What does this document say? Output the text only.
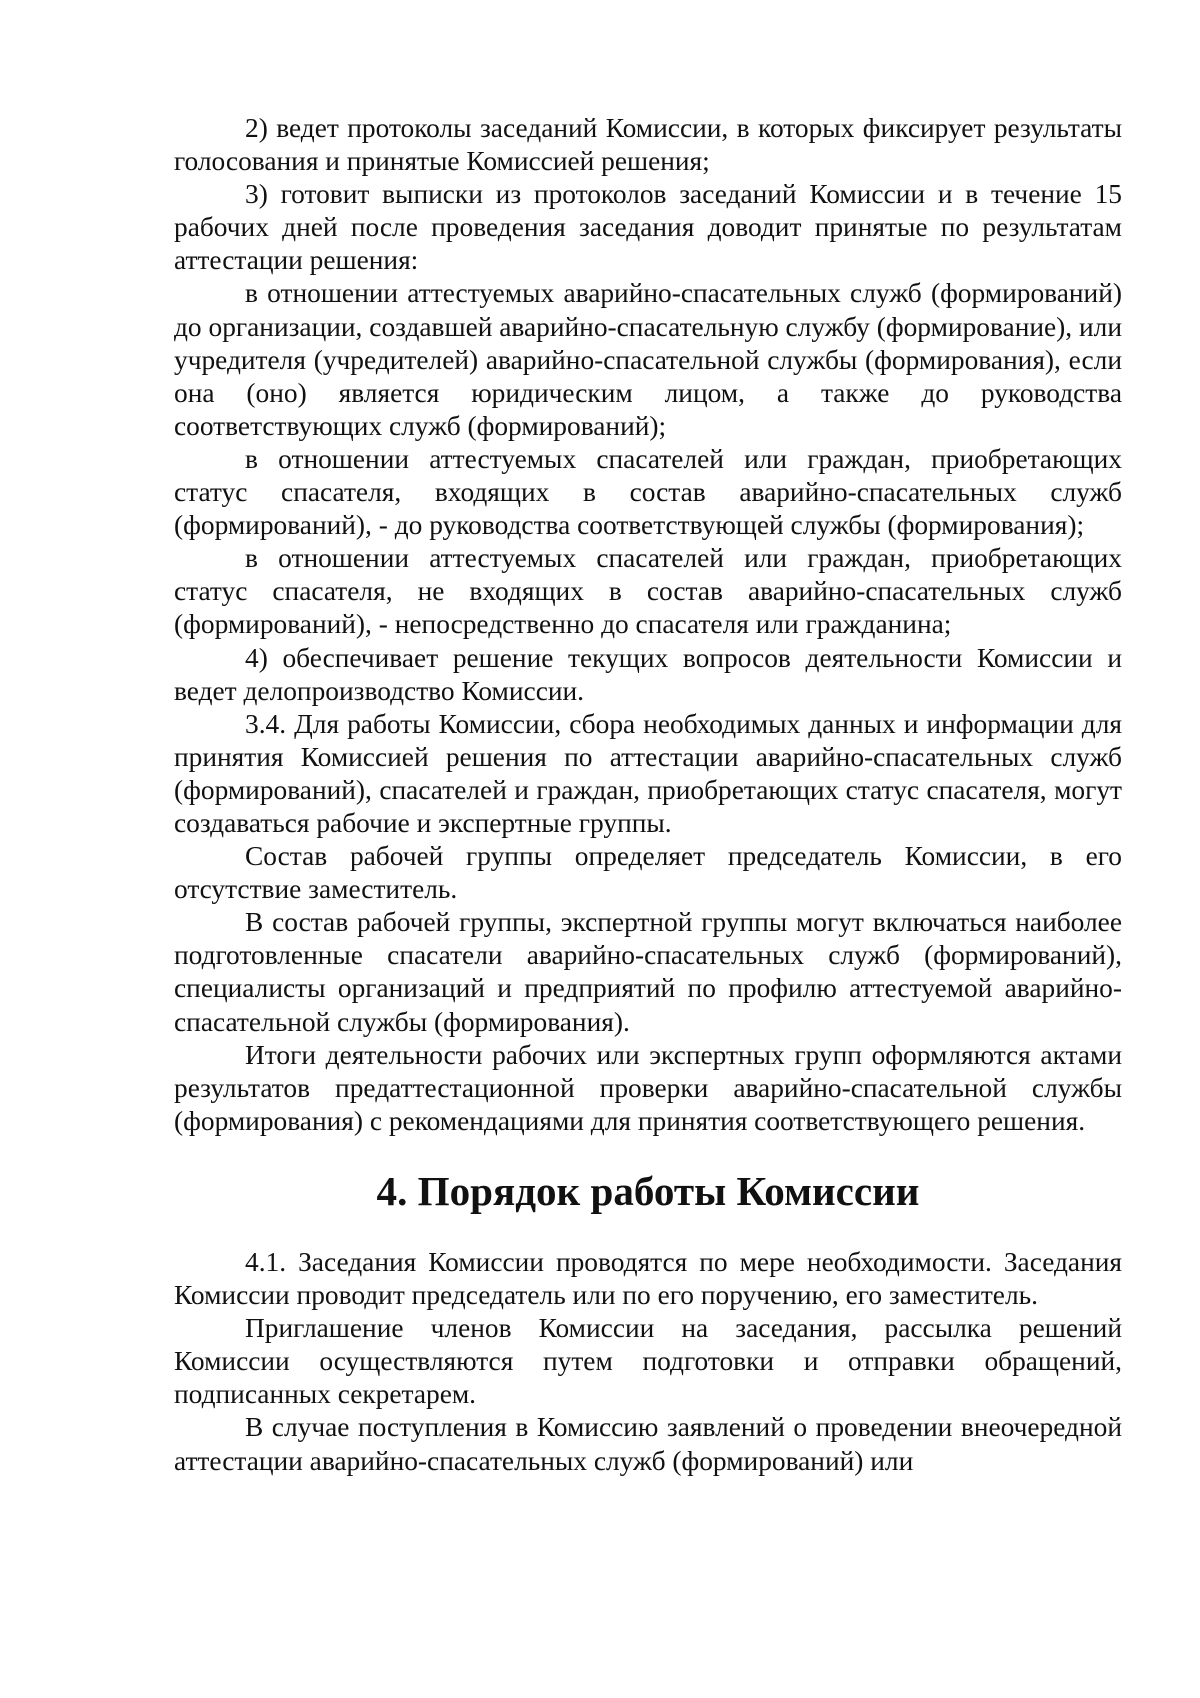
2) ведет протоколы заседаний Комиссии, в которых фиксирует результаты голосования и принятые Комиссией решения;

3) готовит выписки из протоколов заседаний Комиссии и в течение 15 рабочих дней после проведения заседания доводит принятые по результатам аттестации решения:

в отношении аттестуемых аварийно-спасательных служб (формирований) до организации, создавшей аварийно-спасательную службу (формирование), или учредителя (учредителей) аварийно-спасательной службы (формирования), если она (оно) является юридическим лицом, а также до руководства соответствующих служб (формирований);

в отношении аттестуемых спасателей или граждан, приобретающих статус спасателя, входящих в состав аварийно-спасательных служб (формирований), - до руководства соответствующей службы (формирования);

в отношении аттестуемых спасателей или граждан, приобретающих статус спасателя, не входящих в состав аварийно-спасательных служб (формирований), - непосредственно до спасателя или гражданина;

4) обеспечивает решение текущих вопросов деятельности Комиссии и ведет делопроизводство Комиссии.

3.4. Для работы Комиссии, сбора необходимых данных и информации для принятия Комиссией решения по аттестации аварийно-спасательных служб (формирований), спасателей и граждан, приобретающих статус спасателя, могут создаваться рабочие и экспертные группы.

Состав рабочей группы определяет председатель Комиссии, в его отсутствие заместитель.

В состав рабочей группы, экспертной группы могут включаться наиболее подготовленные спасатели аварийно-спасательных служб (формирований), специалисты организаций и предприятий по профилю аттестуемой аварийно-спасательной службы (формирования).

Итоги деятельности рабочих или экспертных групп оформляются актами результатов предаттестационной проверки аварийно-спасательной службы (формирования) с рекомендациями для принятия соответствующего решения.

4. Порядок работы Комиссии

4.1. Заседания Комиссии проводятся по мере необходимости. Заседания Комиссии проводит председатель или по его поручению, его заместитель.

Приглашение членов Комиссии на заседания, рассылка решений Комиссии осуществляются путем подготовки и отправки обращений, подписанных секретарем.

В случае поступления в Комиссию заявлений о проведении внеочередной аттестации аварийно-спасательных служб (формирований) или
